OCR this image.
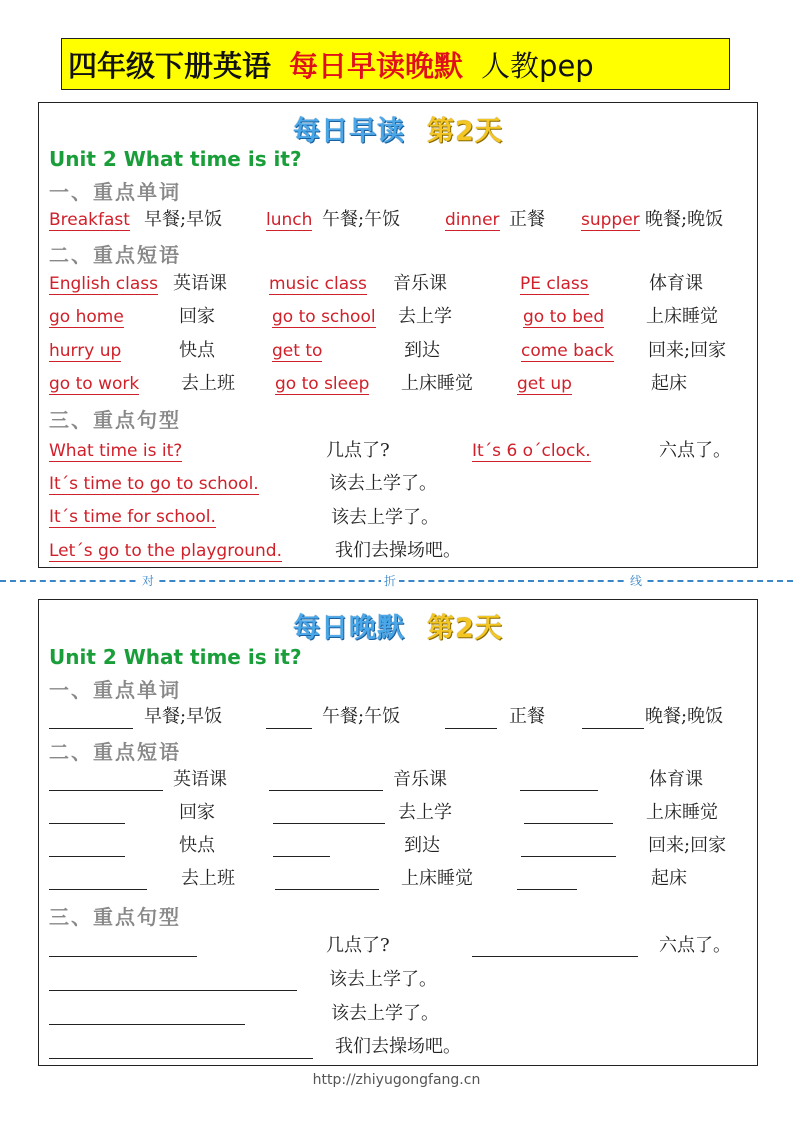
四年级下册英语 每日早读晚默 人教pep
每日早读 第2天
Unit 2 What time is it?
一、重点单词
Breakfast 早餐;早饭	lunch 午餐;午饭	dinner 正餐 supper 晚餐;晚饭
二、重点短语
English class 英语课 music class 音乐课	PE class	体育课
go home	回家	go to school 去上学	go to bed 上床睡觉
hurry up	快点	get to	到达	come back 回来;回家
go to work 去上班 go to sleep 上床睡觉	get up	起床
三、重点句型
What time is it?	几点了?	It´s 6 o´clock.	六点了。
It´s time to go to school.	该去上学了。
It´s time for school.	该去上学了。
Let´s go to the playground.	我们去操场吧。
对	折	线
每日晚默 第2天
Unit 2 What time is it?
一、重点单词
早餐;早饭	午餐;午饭	正餐	晚餐;晚饭
二、重点短语
英语课	音乐课	体育课
回家	去上学	上床睡觉
快点	到达	回来;回家
去上班	上床睡觉	起床
三、重点句型
几点了?	六点了。
该去上学了。
该去上学了。
我们去操场吧。
http://zhiyugongfang.cn
